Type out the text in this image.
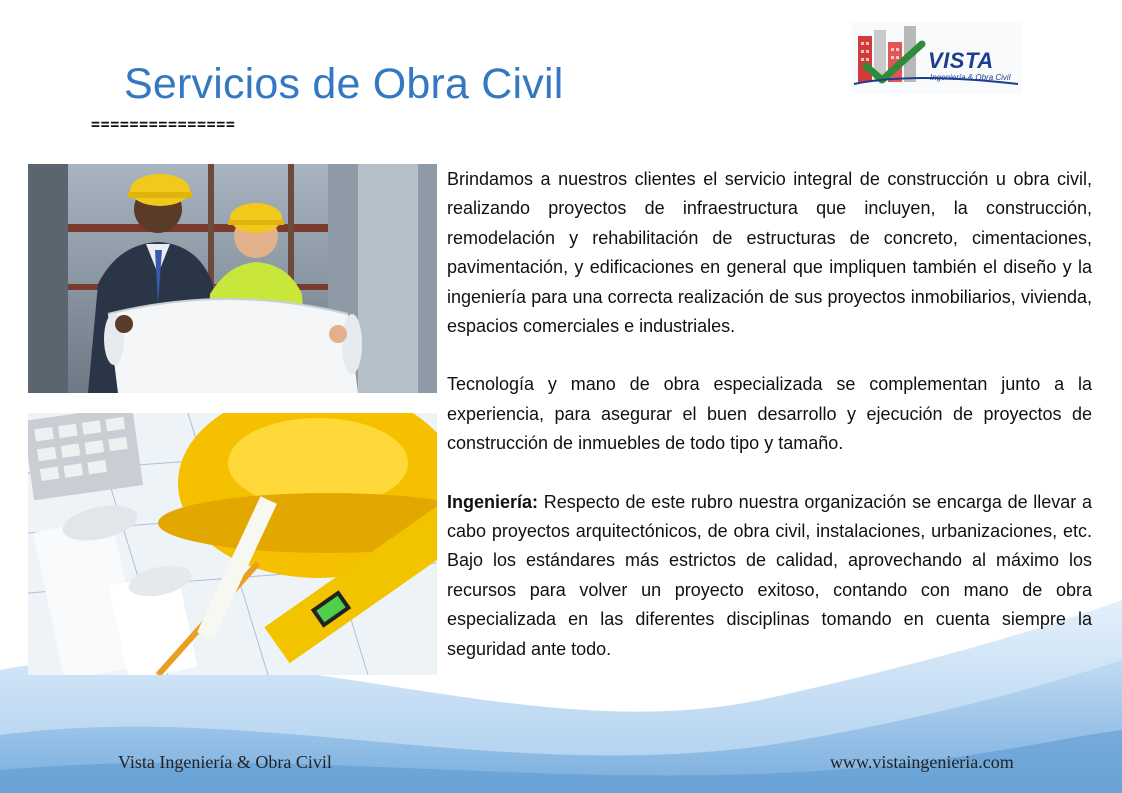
Servicios de Obra Civil
===============
VISTA
Ingeniería & Obra Civil

Brindamos a nuestros clientes el servicio integral de construcción u obra civil, realizando proyectos de infraestructura que incluyen, la construcción, remodelación y rehabilitación de estructuras de concreto, cimentaciones, pavimentación, y edificaciones en general que impliquen también el diseño y la ingeniería para una correcta realización de sus proyectos inmobiliarios, vivienda, espacios comerciales e industriales.

Tecnología y mano de obra especializada se complementan junto a la experiencia, para asegurar el buen desarrollo y ejecución de proyectos de construcción de inmuebles de todo tipo y tamaño.

Ingeniería: Respecto de este rubro nuestra organización se encarga de llevar a cabo proyectos arquitectónicos, de obra civil, instalaciones, urbanizaciones, etc. Bajo los estándares más estrictos de calidad, aprovechando al máximo los recursos para volver un proyecto exitoso, contando con mano de obra especializada en las diferentes disciplinas tomando en cuenta siempre la seguridad ante todo.

Vista Ingeniería & Obra Civil	www.vistaingenieria.com
